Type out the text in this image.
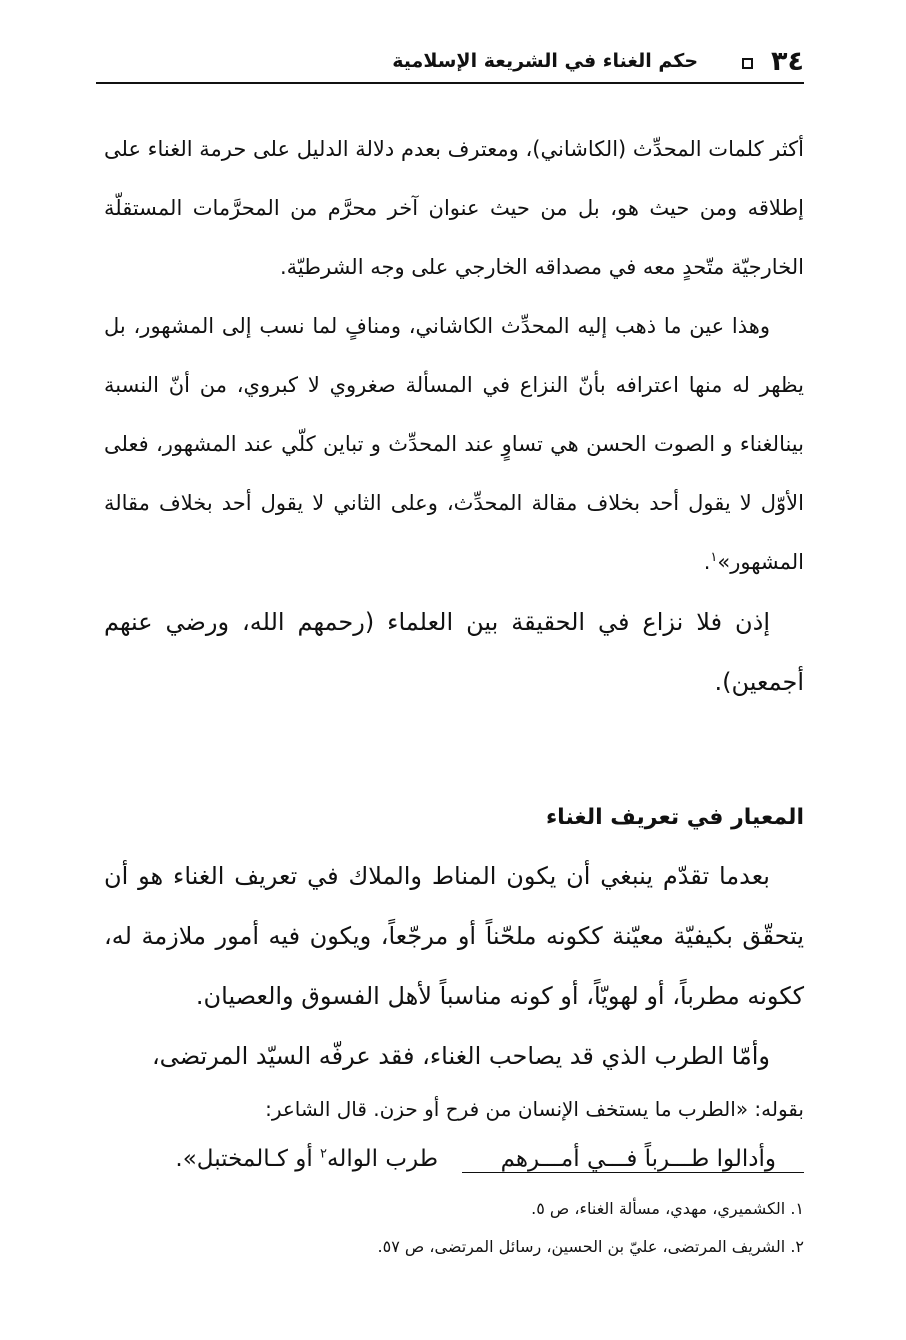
٣٤
حكم الغناء في الشريعة الإسلامية

أكثر كلمات المحدِّث (الكاشاني)، ومعترف بعدم دلالة الدليل على حرمة الغناء على إطلاقه ومن حيث هو، بل من حيث عنوان آخر محرَّم من المحرَّمات المستقلّة الخارجيّة متّحدٍ معه في مصداقه الخارجي على وجه الشرطيّة.

وهذا عين ما ذهب إليه المحدِّث الكاشاني، ومنافٍ لما نسب إلى المشهور، بل يظهر له منها اعترافه بأنّ النزاع في المسألة صغروي لا كبروي، من أنّ النسبة بينالغناء و الصوت الحسن هي تساوٍ عند المحدِّث و تباين كلّي عند المشهور، فعلى الأوّل لا يقول أحد بخلاف مقالة المحدِّث، وعلى الثاني لا يقول أحد بخلاف مقالة المشهور»$^١$.

إذن فلا نزاع في الحقيقة بين العلماء (رحمهم الله، ورضي عنهم أجمعين).

المعيار في تعريف الغناء

بعدما تقدّم ينبغي أن يكون المناط والملاك في تعريف الغناء هو أن يتحقّق بكيفيّة معيّنة ككونه ملحّناً أو مرجّعاً، ويكون فيه أمور ملازمة له، ككونه مطرباً، أو لهويّاً، أو كونه مناسباً لأهل الفسوق والعصيان.

وأمّا الطرب الذي قد يصاحب الغناء، فقد عرفّه السيّد المرتضى،

بقوله: «الطرب ما يستخف الإنسان من فرح أو حزن. قال الشاعر:

وأدالوا طـــرباً فـــي أمـــرهم
طرب الواله$^٢$ أو كـالمختبل».

١. الكشميري، مهدي، مسألة الغناء، ص ٥.

٢. الشريف المرتضى، عليّ بن الحسين، رسائل المرتضى، ص ٥٧.
